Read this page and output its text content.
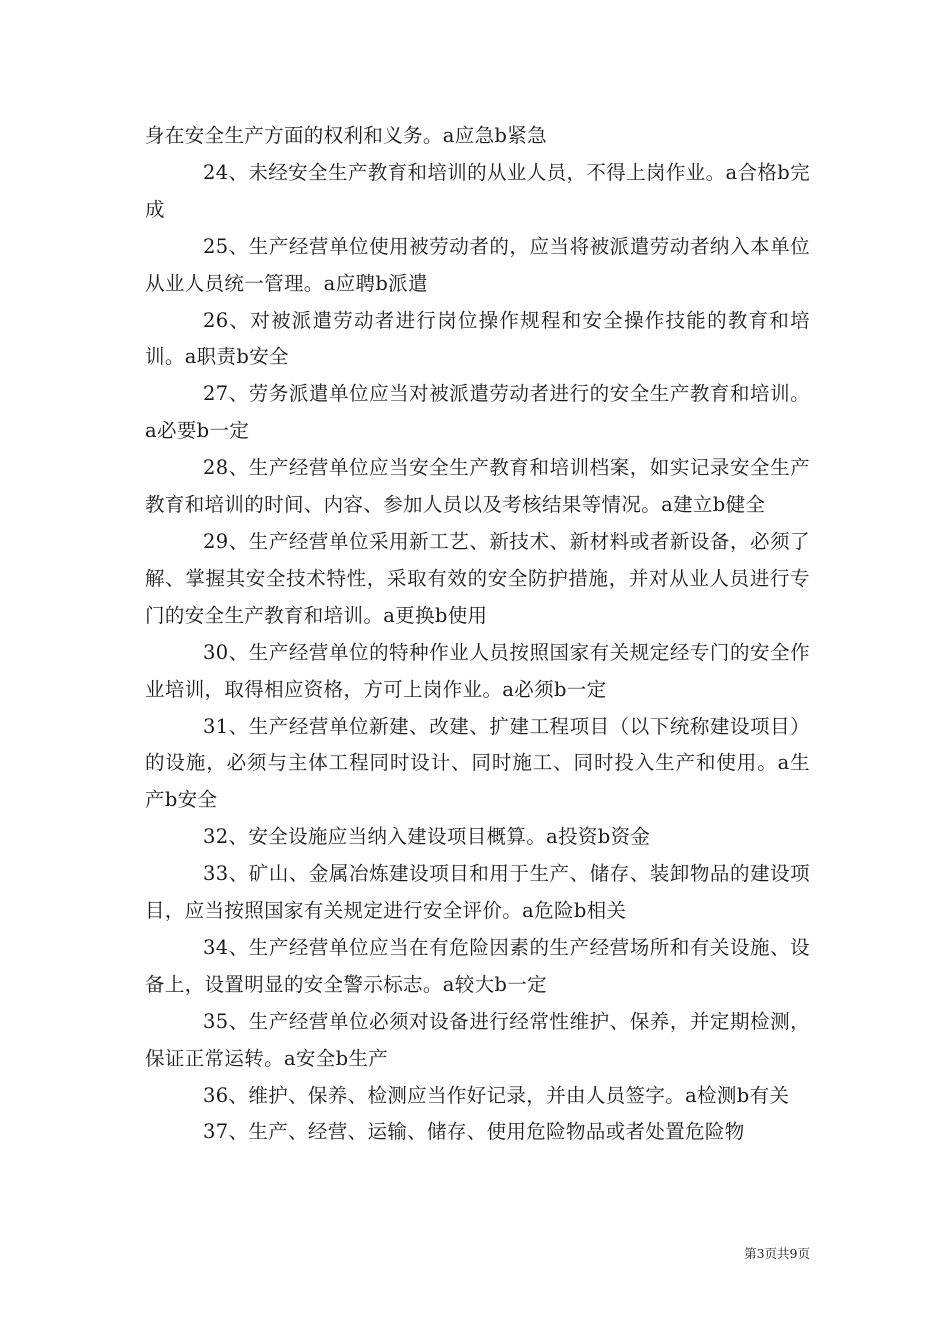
身在安全生产方面的权利和义务。a应急b紧急

24、未经安全生产教育和培训的从业人员，不得上岗作业。a合格b完成

25、生产经营单位使用被劳动者的，应当将被派遣劳动者纳入本单位从业人员统一管理。a应聘b派遣

26、对被派遣劳动者进行岗位操作规程和安全操作技能的教育和培训。a职责b安全

27、劳务派遣单位应当对被派遣劳动者进行的安全生产教育和培训。a必要b一定

28、生产经营单位应当安全生产教育和培训档案，如实记录安全生产教育和培训的时间、内容、参加人员以及考核结果等情况。a建立b健全

29、生产经营单位采用新工艺、新技术、新材料或者新设备，必须了解、掌握其安全技术特性，采取有效的安全防护措施，并对从业人员进行专门的安全生产教育和培训。a更换b使用

30、生产经营单位的特种作业人员按照国家有关规定经专门的安全作业培训，取得相应资格，方可上岗作业。a必须b一定

31、生产经营单位新建、改建、扩建工程项目（以下统称建设项目）的设施，必须与主体工程同时设计、同时施工、同时投入生产和使用。a生产b安全

32、安全设施应当纳入建设项目概算。a投资b资金

33、矿山、金属冶炼建设项目和用于生产、储存、装卸物品的建设项目，应当按照国家有关规定进行安全评价。a危险b相关

34、生产经营单位应当在有危险因素的生产经营场所和有关设施、设备上，设置明显的安全警示标志。a较大b一定

35、生产经营单位必须对设备进行经常性维护、保养，并定期检测，保证正常运转。a安全b生产

36、维护、保养、检测应当作好记录，并由人员签字。a检测b有关

37、生产、经营、运输、储存、使用危险物品或者处置危险物

第3页共9页
